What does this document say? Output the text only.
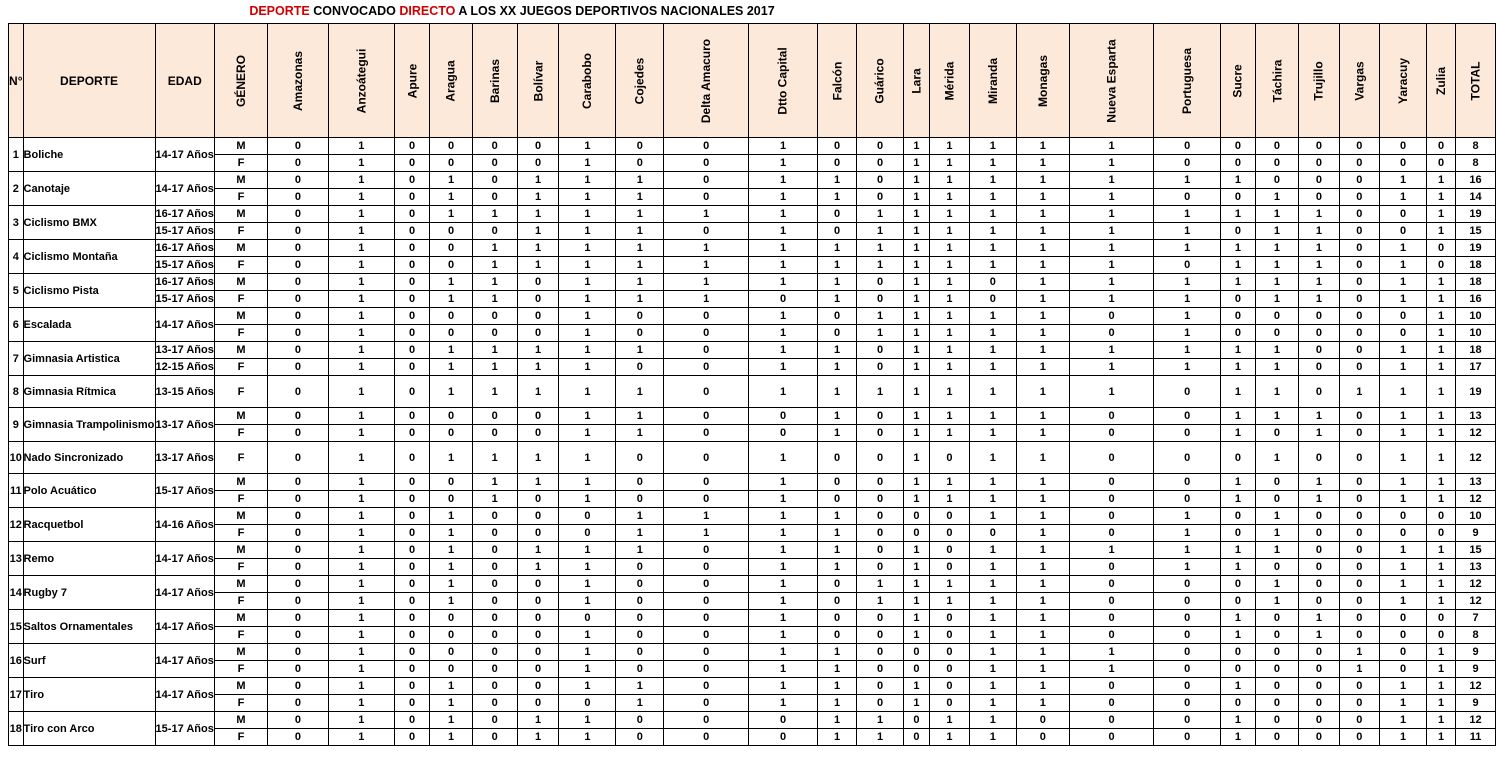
DEPORTE CONVOCADO DIRECTO A LOS XX JUEGOS DEPORTIVOS NACIONALES 2017
N°	DEPORTE	EDAD	GÉNERO	Amazonas	Anzoátegui	Apure	Aragua	Barinas	Bolívar	Carabobo	Cojedes	Delta Amacuro	Dtto Capital	Falcón	Guárico	Lara	Mérida	Miranda	Monagas	Nueva Esparta	Portuguesa	Sucre	Táchira	Trujillo	Vargas	Yaracuy	Zulia	TOTAL
1	Boliche	14-17 Años	M	0	1	0	0	0	0	1	0	0	1	0	0	1	1	1	1	1	0	0	0	0	0	0	0	8
			F	0	1	0	0	0	0	1	0	0	1	0	0	1	1	1	1	1	0	0	0	0	0	0	0	8
2	Canotaje	14-17 Años	M	0	1	0	1	0	1	1	1	0	1	1	0	1	1	1	1	1	1	1	0	0	0	1	1	16
			F	0	1	0	1	0	1	1	1	0	1	1	0	1	1	1	1	1	0	0	1	0	0	1	1	14
3	Ciclismo BMX	16-17 Años	M	0	1	0	1	1	1	1	1	1	1	0	1	1	1	1	1	1	1	1	1	1	0	0	1	19
		15-17 Años	F	0	1	0	0	0	1	1	1	0	1	0	1	1	1	1	1	1	1	0	1	1	0	0	1	15
4	Ciclismo Montaña	16-17 Años	M	0	1	0	0	1	1	1	1	1	1	1	1	1	1	1	1	1	1	1	1	1	0	1	0	19
		15-17 Años	F	0	1	0	0	1	1	1	1	1	1	1	1	1	1	1	1	1	0	1	1	1	0	1	0	18
5	Ciclismo Pista	16-17 Años	M	0	1	0	1	1	0	1	1	1	1	1	0	1	1	0	1	1	1	1	1	1	0	1	1	18
		15-17 Años	F	0	1	0	1	1	0	1	1	1	0	1	0	1	1	0	1	1	1	0	1	1	0	1	1	16
6	Escalada	14-17 Años	M	0	1	0	0	0	0	1	0	0	1	0	1	1	1	1	1	0	1	0	0	0	0	0	1	10
			F	0	1	0	0	0	0	1	0	0	1	0	1	1	1	1	1	0	1	0	0	0	0	0	1	10
7	Gimnasia Artistica	13-17 Años	M	0	1	0	1	1	1	1	1	0	1	1	0	1	1	1	1	1	1	1	1	0	0	1	1	18
		12-15 Años	F	0	1	0	1	1	1	1	0	0	1	1	0	1	1	1	1	1	1	1	1	0	0	1	1	17
8	Gimnasia Rítmica	13-15 Años	F	0	1	0	1	1	1	1	1	0	1	1	1	1	1	1	1	1	0	1	1	0	1	1	1	19
9	Gimnasia Trampolinismo	13-17 Años	M	0	1	0	0	0	0	1	1	0	0	1	0	1	1	1	1	0	0	1	1	1	0	1	1	13
			F	0	1	0	0	0	0	1	1	0	0	1	0	1	1	1	1	0	0	1	0	1	0	1	1	12
10	Nado Sincronizado	13-17 Años	F	0	1	0	1	1	1	1	0	0	1	0	0	1	0	1	1	0	0	0	1	0	0	1	1	12
11	Polo Acuático	15-17 Años	M	0	1	0	0	1	1	1	0	0	1	0	0	1	1	1	1	0	0	1	0	1	0	1	1	13
			F	0	1	0	0	1	0	1	0	0	1	0	0	1	1	1	1	0	0	1	0	1	0	1	1	12
12	Racquetbol	14-16 Años	M	0	1	0	1	0	0	0	1	1	1	1	0	0	0	1	1	0	1	0	1	0	0	0	0	10
			F	0	1	0	1	0	0	0	1	1	1	1	0	0	0	0	1	0	1	0	1	0	0	0	0	9
13	Remo	14-17 Años	M	0	1	0	1	0	1	1	1	0	1	1	0	1	0	1	1	1	1	1	1	0	0	1	1	15
			F	0	1	0	1	0	1	1	0	0	1	1	0	1	0	1	1	0	1	1	0	0	0	1	1	13
14	Rugby 7	14-17 Años	M	0	1	0	1	0	0	1	0	0	1	0	1	1	1	1	1	0	0	0	1	0	0	1	1	12
			F	0	1	0	1	0	0	1	0	0	1	0	1	1	1	1	1	0	0	0	1	0	0	1	1	12
15	Saltos Ornamentales	14-17 Años	M	0	1	0	0	0	0	0	0	0	1	0	0	1	0	1	1	0	0	1	0	1	0	0	0	7
			F	0	1	0	0	0	0	1	0	0	1	0	0	1	0	1	1	0	0	1	0	1	0	0	0	8
16	Surf	14-17 Años	M	0	1	0	0	0	0	1	0	0	1	1	0	0	0	1	1	1	0	0	0	0	1	0	1	9
			F	0	1	0	0	0	0	1	0	0	1	1	0	0	0	1	1	1	0	0	0	0	1	0	1	9
17	Tiro	14-17 Años	M	0	1	0	1	0	0	1	1	0	1	1	0	1	0	1	1	0	0	1	0	0	0	1	1	12
			F	0	1	0	1	0	0	0	1	0	1	1	0	1	0	1	1	0	0	0	0	0	0	1	1	9
18	Tiro con Arco	15-17 Años	M	0	1	0	1	0	1	1	0	0	0	1	1	0	1	1	0	0	0	1	0	0	0	1	1	12
			F	0	1	0	1	0	1	1	0	0	0	1	1	0	1	1	0	0	0	1	0	0	0	1	1	11
